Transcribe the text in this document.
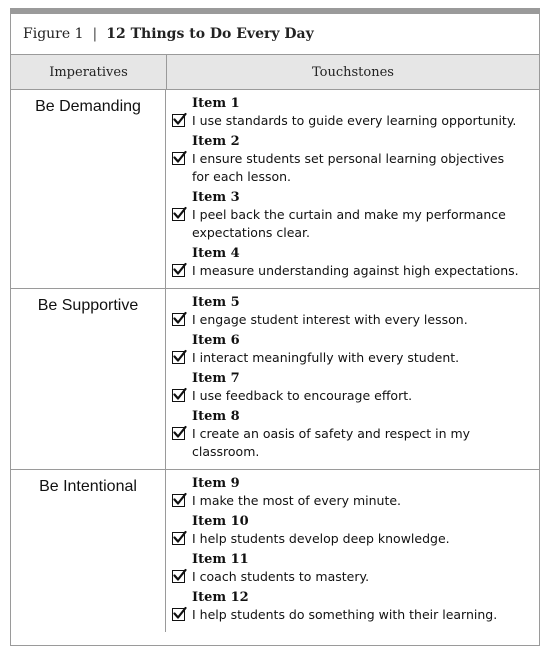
Figure 1 | 12 Things to Do Every Day
Imperatives	Touchstones
Be Demanding	Item 1
I use standards to guide every learning opportunity.
Item 2
I ensure students set personal learning objectives for each lesson.
Item 3
I peel back the curtain and make my performance expectations clear.
Item 4
I measure understanding against high expectations.
Be Supportive	Item 5
I engage student interest with every lesson.
Item 6
I interact meaningfully with every student.
Item 7
I use feedback to encourage effort.
Item 8
I create an oasis of safety and respect in my classroom.
Be Intentional	Item 9
I make the most of every minute.
Item 10
I help students develop deep knowledge.
Item 11
I coach students to mastery.
Item 12
I help students do something with their learning.
